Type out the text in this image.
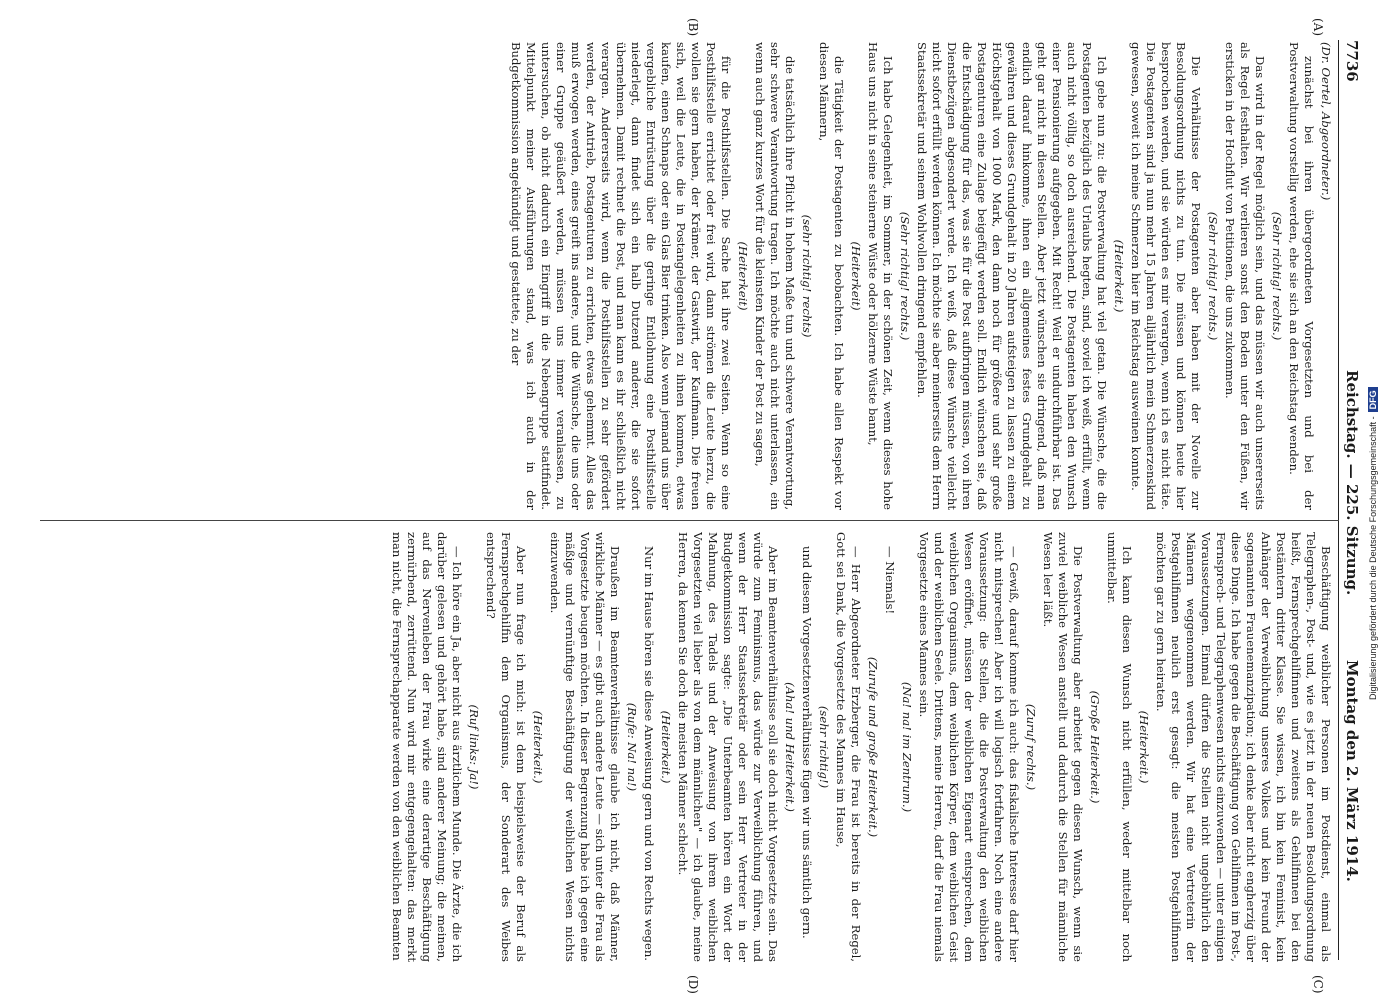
7736
Reichstag. — 225. Sitzung.
Montag den 2. März 1914.
(A)
(B)
(C)
(D)

(Dr. Oertel, Abgeordneter.)

zunächst bei ihren übergeordneten Vorgesetzten und bei der Postverwaltung vorstellig werden, ehe sie sich an den Reichstag wenden.

(Sehr richtig! rechts.)

Das wird in der Regel möglich sein, und das müssen wir auch unsererseits als Regel festhalten. Wir verlieren sonst den Boden unter den Füßen, wir ersticken in der Hochflut von Petitionen, die uns zukommen.

(Sehr richtig! rechts.)

Die Verhältnisse der Postagenten aber haben mit der Novelle zur Besoldungsordnung nichts zu tun. Die müssen und können heute hier besprochen werden, und sie würden es mir verargen, wenn ich es nicht täte. Die Postagenten sind ja nun mehr 15 Jahren alljährlich mein Schmerzenskind gewesen, soweit ich meine Schmerzen hier im Reichstag ausweinen konnte.

(Heiterkeit.)

Ich gebe nun zu: die Postverwaltung hat viel getan. Die Wünsche, die die Postagenten bezüglich des Urlaubs hegten, sind, soviel ich weiß, erfüllt, wenn auch nicht völlig, so doch ausreichend. Die Postagenten haben den Wunsch einer Pensionierung aufgegeben. Mit Recht! Weil er undurchführbar ist. Das geht gar nicht in diesen Stellen. Aber jetzt wünschen sie dringend, daß man endlich darauf hinkomme, ihnen ein allgemeines festes Grundgehalt zu gewähren und dieses Grundgehalt in 20 Jahren aufsteigen zu lassen zu einem Höchstgehalt von 1000 Mark, den dann noch für größere und sehr große Postagenturen eine Zulage beigefügt werden soll. Endlich wünschen sie, daß die Entschädigung für das, was sie für die Post aufbringen müssen, von ihren Dienstbezügen abgesondert werde. Ich weiß, daß diese Wünsche vielleicht nicht sofort erfüllt werden können. Ich möchte sie aber meinerseits dem Herrn Staatssekretär und seinem Wohlwollen dringend empfehlen.

(Sehr richtig! rechts.)

Ich habe Gelegenheit, im Sommer, in der schönen Zeit, wenn dieses hohe Haus uns nicht in seine steinerne Wüste oder hölzerne Wüste bannt,

(Heiterkeit)

die Tätigkeit der Postagenten zu beobachten. Ich habe allen Respekt vor diesen Männern,

(sehr richtig! rechts)

die tatsächlich ihre Pflicht in hohem Maße tun und schwere Verantwortung, sehr schwere Verantwortung tragen. Ich möchte auch nicht unterlassen, ein wenn auch ganz kurzes Wort für die kleinsten Kinder der Post zu sagen,

(Heiterkeit)

für die Posthilfsstellen. Die Sache hat ihre zwei Seiten. Wenn so eine Posthilfsstelle errichtet oder frei wird, dann strömen die Leute herzu, die wollen sie gern haben, der Krämer, der Gastwirt, der Kaufmann. Die freuen sich, weil die Leute, die in Postangelegenheiten zu ihnen kommen, etwas kaufen, einen Schnaps oder ein Glas Bier trinken. Also wenn jemand uns über vergebliche Entrüstung über die geringe Entlohnung eine Posthilfsstelle niederlegt, dann findet sich ein halb Dutzend anderer, die sie sofort übernehmen. Damit rechnet die Post, und man kann es ihr schließlich nicht verargen. Andererseits wird, wenn die Posthilfsstellen zu sehr gefördert werden, der Antrieb, Postagenturen zu errichten, etwas gehemmt. Alles das muß erwogen werden, eines greift ins andere, und die Wünsche, die uns oder einer Gruppe geäußert werden, müssen uns immer veranlassen, zu untersuchen, ob nicht dadurch ein Eingriff in die Nebengruppe stattfindet. Mittelpunkt meiner Ausführungen stand, was ich auch in der Budgetkommission angekündigt und gestattete, zu der

Beschäftigung weiblicher Personen im Postdienst, einmal als Telegraphen-, Post- und, wie es jetzt in der neuen Besoldungsordnung heißt, Fernsprechgehilfinnen und zweitens als Gehilfinnen bei den Postämtern dritter Klasse. Sie wissen, ich bin kein Feminist, kein Anhänger der Verweiblichung unseres Volkes und kein Freund der sogenannten Frauenemanzipation; ich denke aber nicht engherzig über diese Dinge. Ich habe gegen die Beschäftigung von Gehilfinnen im Post-, Fernsprech- und Telegraphenwesen nichts einzuwenden — unter einigen Voraussetzungen. Einmal dürfen die Stellen nicht ungebührlich den Männern weggenommen werden. Wir hat eine Vertreterin der Postgehilfinnen neulich erst gesagt: die meisten Postgehilfinnen möchten gar zu gern heiraten.

(Heiterkeit.)

Ich kann diesen Wunsch nicht erfüllen, weder mittelbar noch unmittelbar.

(Große Heiterkeit.)

Die Postverwaltung aber arbeitet gegen diesen Wunsch, wenn sie zuviel weibliche Wesen anstellt und dadurch die Stellen für männliche Wesen leer läßt.

(Zuruf rechts.)

— Gewiß, darauf komme ich auch: das fiskalische Interesse darf hier nicht mitsprechen! Aber ich will logisch fortfahren. Noch eine andere Voraussetzung: die Stellen, die die Postverwaltung den weiblichen Wesen eröffnet, müssen der weiblichen Eigenart entsprechen, dem weiblichen Organismus, dem weiblichen Körper, dem weiblichen Geist und der weiblichen Seele. Drittens, meine Herren, darf die Frau niemals Vorgesetzte eines Mannes sein.

(Na! na! im Zentrum.)

— Niemals!

(Zurufe und große Heiterkeit.)

— Herr Abgeordneter Erzberger, die Frau ist bereits in der Regel, Gott sei Dank, die Vorgesetzte des Mannes im Hause,

(sehr richtig!)

und diesem Vorgesetztenverhältnisse fügen wir uns sämtlich gern.

(Aha! und Heiterkeit.)

Aber im Beamtenverhältnisse soll sie doch nicht Vorgesetzte sein. Das würde zum Feminismus, das würde zur Verweiblichung führen, und wenn der Herr Staatssekretär oder sein Herr Vertreter in der Budgetkommission sagte: „Die Unterbeamten hören ein Wort der Mahnung, des Tadels und der Anweisung von ihrem weiblichen Vorgesetzten viel lieber als von dem männlichen" — ich glaube, meine Herren, da kennen Sie doch die meisten Männer schlecht.

(Heiterkeit.)

Nur im Hause hören sie diese Anweisung gern und von Rechts wegen.

(Rufe: Na! na!)

Draußen im Beamtenverhältnisse glaube ich nicht, daß Männer, wirkliche Männer — es gibt auch andere Leute — sich unter die Frau als Vorgesetzte beugen möchten. In dieser Begrenzung habe ich gegen eine mäßige und vernünftige Beschäftigung der weiblichen Wesen nichts einzuwenden.

(Heiterkeit.)

Aber nun frage ich mich: ist denn beispielsweise der Beruf als Fernsprechgehilfin dem Organismus, der Sonderart des Weibes entsprechend?

(Ruf links: Ja!)

— Ich höre ein Ja, aber nicht aus ärztlichem Munde. Die Ärzte, die ich darüber gelesen und gehört habe, sind anderer Meinung; die meinen, auf das Nervenleben der Frau wirke eine derartige Beschäftigung zermürbend, zerrüttend. Nun wird mir entgegengehalten: das merkt man nicht, die Fernsprechapparate werden von den weiblichen Beamten	Digitalisierung gefördert durch die Deutsche Forschungsgemeinschaft -DFG
